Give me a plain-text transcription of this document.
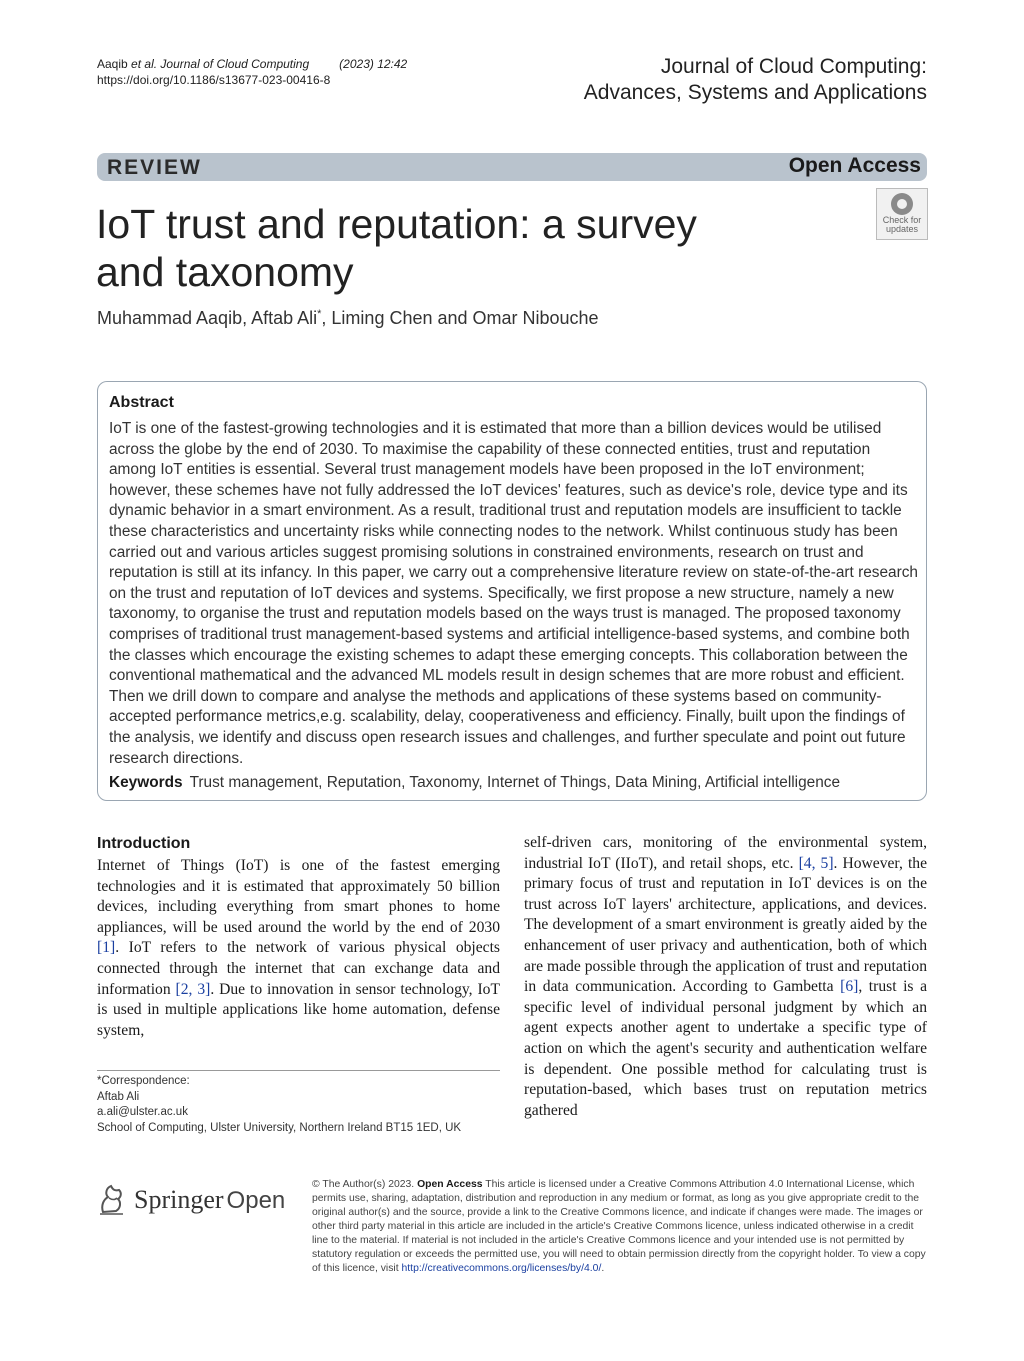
Aaqib et al. Journal of Cloud Computing	(2023) 12:42
https://doi.org/10.1186/s13677-023-00416-8
Journal of Cloud Computing:
Advances, Systems and Applications
REVIEW	Open Access
IoT trust and reputation: a survey and taxonomy
Check for
updates
Muhammad Aaqib, Aftab Ali*, Liming Chen and Omar Nibouche
Abstract
IoT is one of the fastest-growing technologies and it is estimated that more than a billion devices would be utilised across the globe by the end of 2030. To maximise the capability of these connected entities, trust and reputation among IoT entities is essential. Several trust management models have been proposed in the IoT environment; however, these schemes have not fully addressed the IoT devices' features, such as device's role, device type and its dynamic behavior in a smart environment. As a result, traditional trust and reputation models are insufficient to tackle these characteristics and uncertainty risks while connecting nodes to the network. Whilst continuous study has been carried out and various articles suggest promising solutions in constrained environments, research on trust and reputation is still at its infancy. In this paper, we carry out a comprehensive literature review on state-of-the-art research on the trust and reputation of IoT devices and systems. Specifically, we first propose a new structure, namely a new taxonomy, to organise the trust and reputation models based on the ways trust is managed. The proposed taxonomy comprises of traditional trust management-based systems and artificial intelligence-based systems, and combine both the classes which encourage the existing schemes to adapt these emerging concepts. This collaboration between the conventional mathematical and the advanced ML models result in design schemes that are more robust and efficient. Then we drill down to compare and analyse the methods and applications of these systems based on community-accepted performance metrics,e.g. scalability, delay, cooperativeness and efficiency. Finally, built upon the findings of the analysis, we identify and discuss open research issues and challenges, and further speculate and point out future research directions.
Keywords Trust management, Reputation, Taxonomy, Internet of Things, Data Mining, Artificial intelligence
Introduction
Internet of Things (IoT) is one of the fastest emerging technologies and it is estimated that approximately 50 billion devices, including everything from smart phones to home appliances, will be used around the world by the end of 2030 [1]. IoT refers to the network of various physical objects connected through the internet that can exchange data and information [2, 3]. Due to innovation in sensor technology, IoT is used in multiple applications like home automation, defense system,
self-driven cars, monitoring of the environmental system, industrial IoT (IIoT), and retail shops, etc. [4, 5]. However, the primary focus of trust and reputation in IoT devices is on the trust across IoT layers' architecture, applications, and devices. The development of a smart environment is greatly aided by the enhancement of user privacy and authentication, both of which are made possible through the application of trust and reputation in data communication. According to Gambetta [6], trust is a specific level of individual personal judgment by which an agent expects another agent to undertake a specific type of action on which the agent's security and authentication welfare is dependent. One possible method for calculating trust is reputation-based, which bases trust on reputation metrics gathered
*Correspondence:
Aftab Ali
a.ali@ulster.ac.uk
School of Computing, Ulster University, Northern Ireland BT15 1ED, UK
Springer Open
© The Author(s) 2023. Open Access This article is licensed under a Creative Commons Attribution 4.0 International License, which permits use, sharing, adaptation, distribution and reproduction in any medium or format, as long as you give appropriate credit to the original author(s) and the source, provide a link to the Creative Commons licence, and indicate if changes were made. The images or other third party material in this article are included in the article's Creative Commons licence, unless indicated otherwise in a credit line to the material. If material is not included in the article's Creative Commons licence and your intended use is not permitted by statutory regulation or exceeds the permitted use, you will need to obtain permission directly from the copyright holder. To view a copy of this licence, visit http://creativecommons.org/licenses/by/4.0/.
